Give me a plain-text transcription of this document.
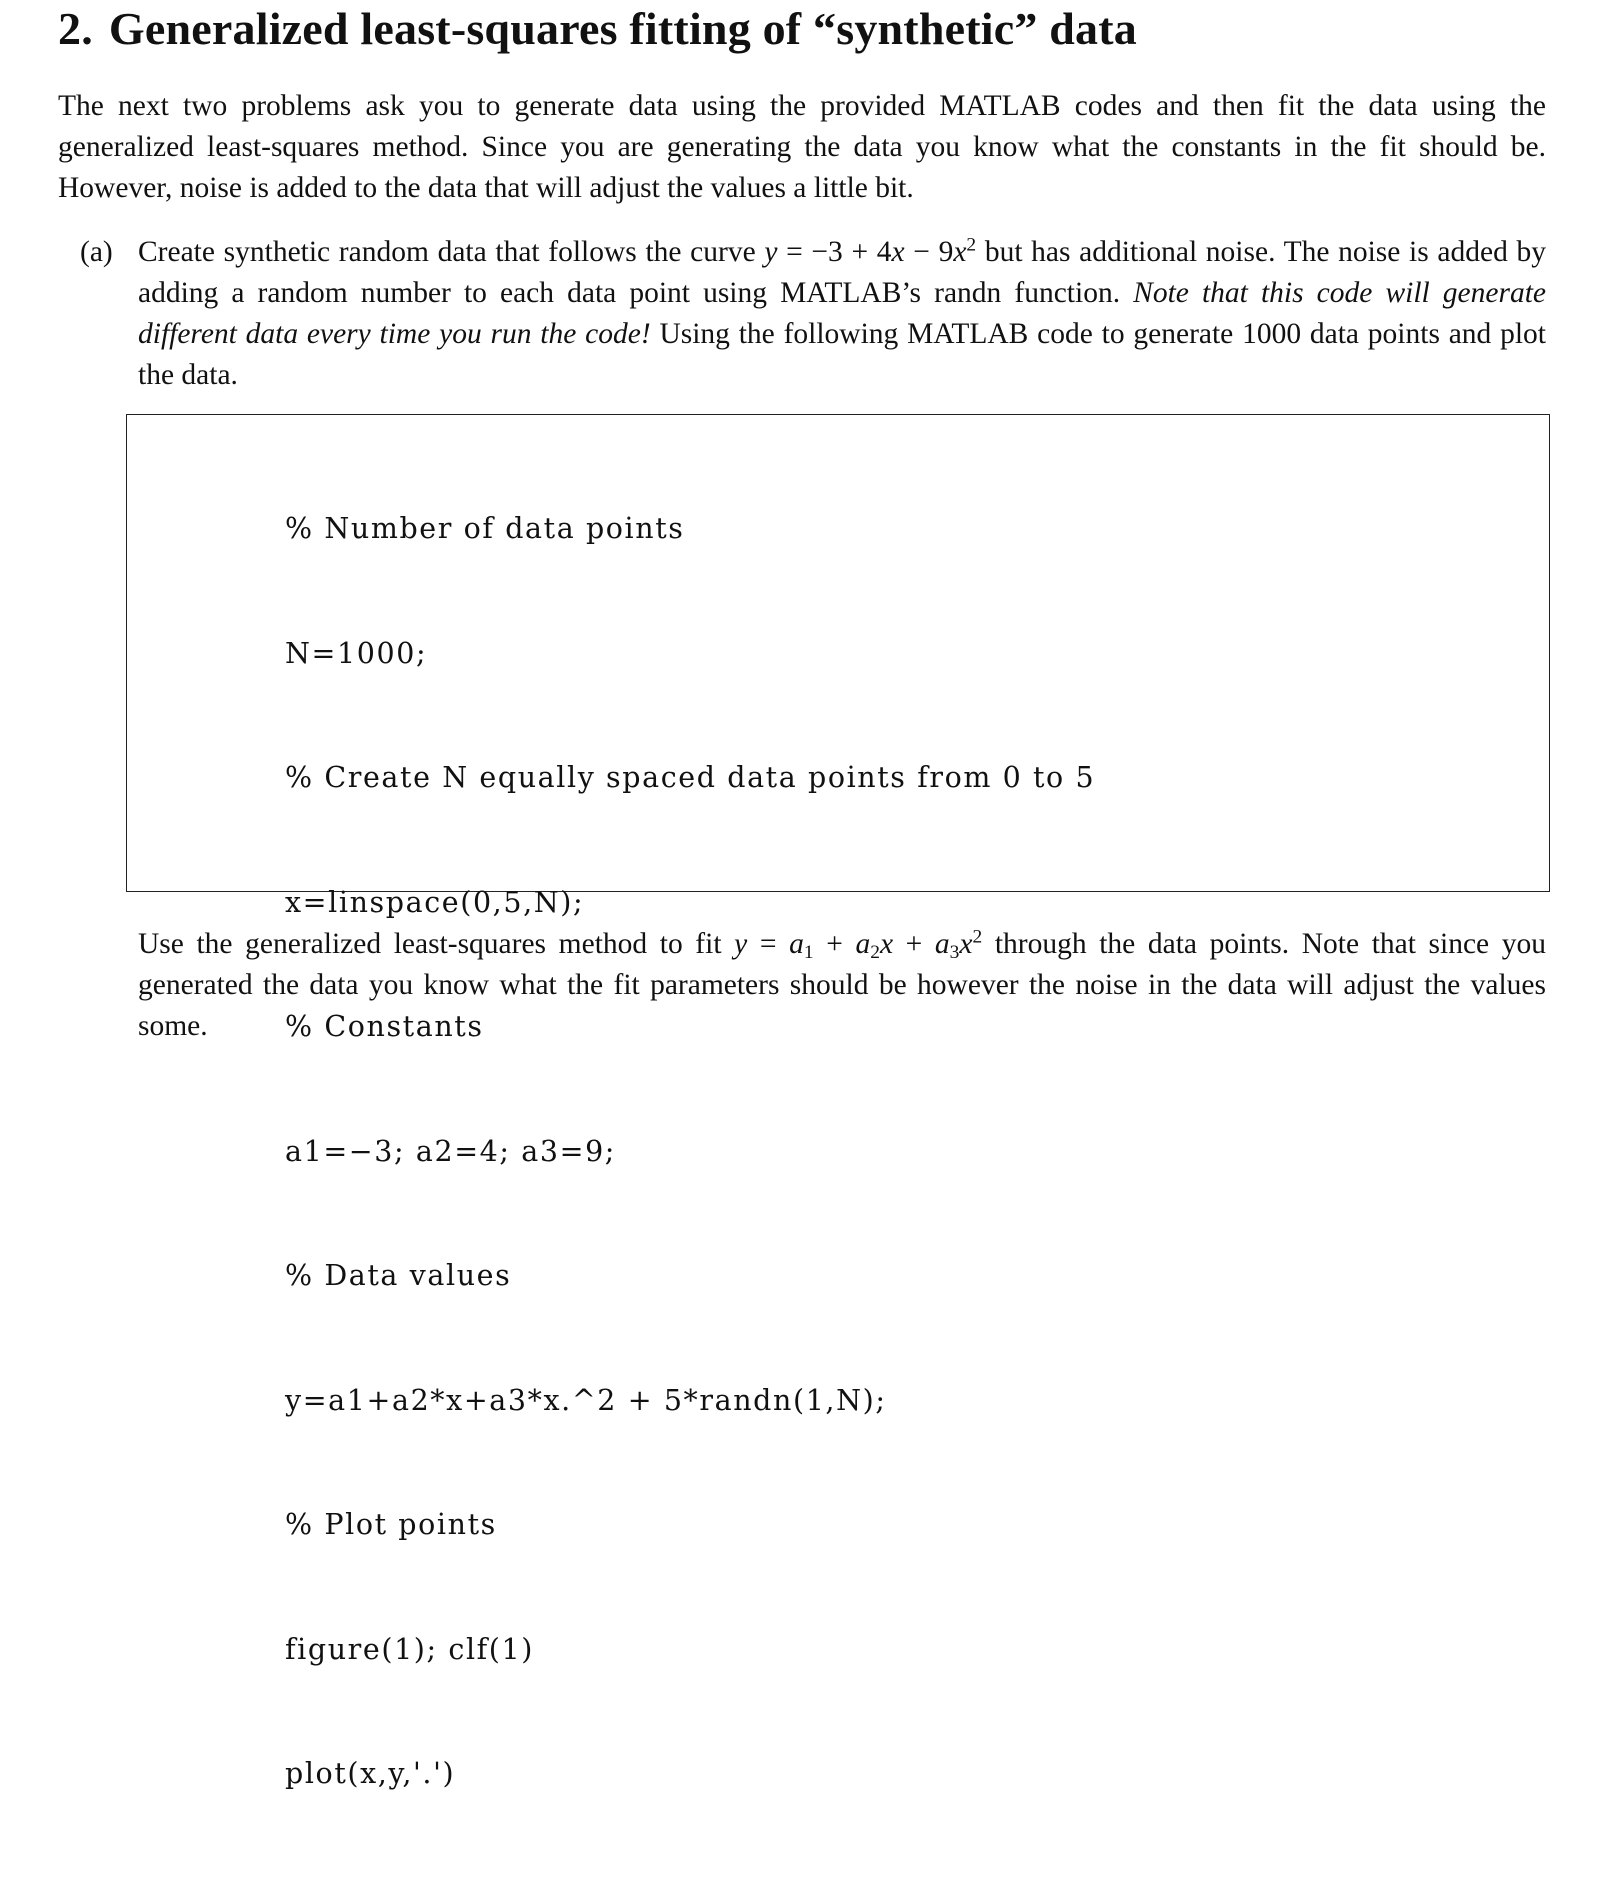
2. Generalized least-squares fitting of “synthetic” data
The next two problems ask you to generate data using the provided MATLAB codes and then fit the data using the generalized least-squares method. Since you are generating the data you know what the constants in the fit should be. However, noise is added to the data that will adjust the values a little bit.
(a) Create synthetic random data that follows the curve $y = -3 + 4x - 9x^2$ but has additional noise. The noise is added by adding a random number to each data point using MATLAB’s randn function. Note that this code will generate different data every time you run the code! Using the following MATLAB code to generate 1000 data points and plot the data.

% Number of data points

N=1000;

% Create N equally spaced data points from 0 to 5

x=linspace(0,5,N);

% Constants

a1=−3; a2=4; a3=9;

% Data values

y=a1+a2*x+a3*x.^2 + 5*randn(1,N);

% Plot points

figure(1); clf(1)

plot(x,y,'.')

Use the generalized least-squares method to fit $y = a_1 + a_2x + a_3x^2$ through the data points. Note that since you generated the data you know what the fit parameters should be however the noise in the data will adjust the values some.
